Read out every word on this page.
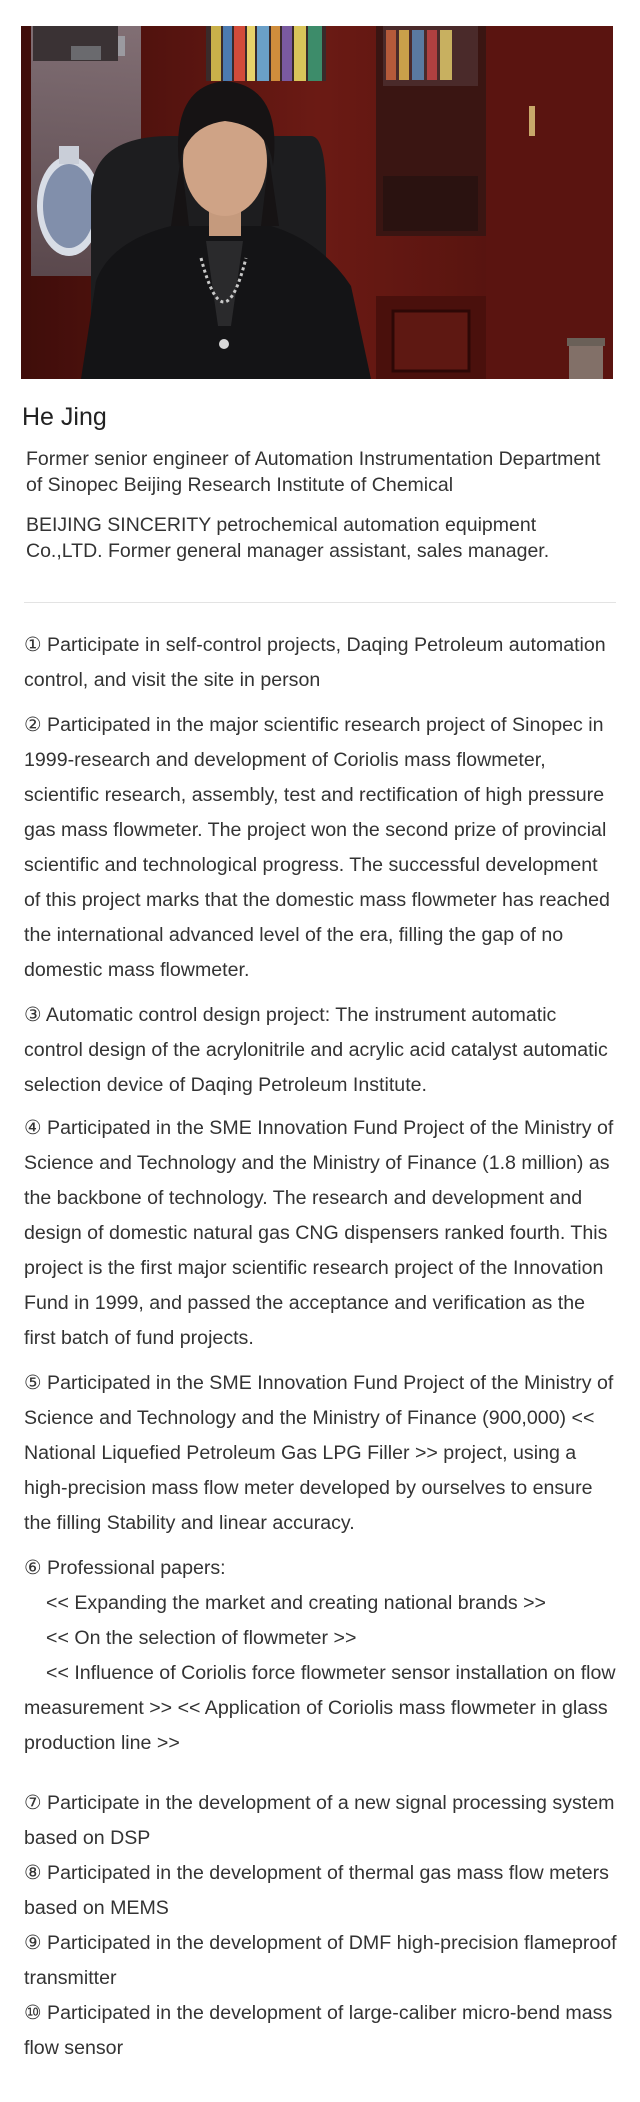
He Jing

Former senior engineer of Automation Instrumentation Department of Sinopec Beijing Research Institute of Chemical

BEIJING SINCERITY petrochemical automation equipment Co.,LTD. Former general manager assistant, sales manager.

① Participate in self-control projects, Daqing Petroleum automation control, and visit the site in person

② Participated in the major scientific research project of Sinopec in 1999-research and development of Coriolis mass flowmeter, scientific research, assembly, test and rectification of high pressure gas mass flowmeter. The project won the second prize of provincial scientific and technological progress. The successful development of this project marks that the domestic mass flowmeter has reached the international advanced level of the era, filling the gap of no domestic mass flowmeter.

③ Automatic control design project: The instrument automatic control design of the acrylonitrile and acrylic acid catalyst automatic selection device of Daqing Petroleum Institute.

④ Participated in the SME Innovation Fund Project of the Ministry of Science and Technology and the Ministry of Finance (1.8 million) as the backbone of technology. The research and development and design of domestic natural gas CNG dispensers ranked fourth. This project is the first major scientific research project of the Innovation Fund in 1999, and passed the acceptance and verification as the first batch of fund projects.

⑤ Participated in the SME Innovation Fund Project of the Ministry of Science and Technology and the Ministry of Finance (900,000) << National Liquefied Petroleum Gas LPG Filler >> project, using a high-precision mass flow meter developed by ourselves to ensure the filling Stability and linear accuracy.

⑥ Professional papers:
<< Expanding the market and creating national brands >>
<< On the selection of flowmeter >>
<< Influence of Coriolis force flowmeter sensor installation on flow measurement >> << Application of Coriolis mass flowmeter in glass production line >>

⑦ Participate in the development of a new signal processing system based on DSP

⑧ Participated in the development of thermal gas mass flow meters based on MEMS

⑨ Participated in the development of DMF high-precision flameproof transmitter

⑩ Participated in the development of large-caliber micro-bend mass flow sensor
